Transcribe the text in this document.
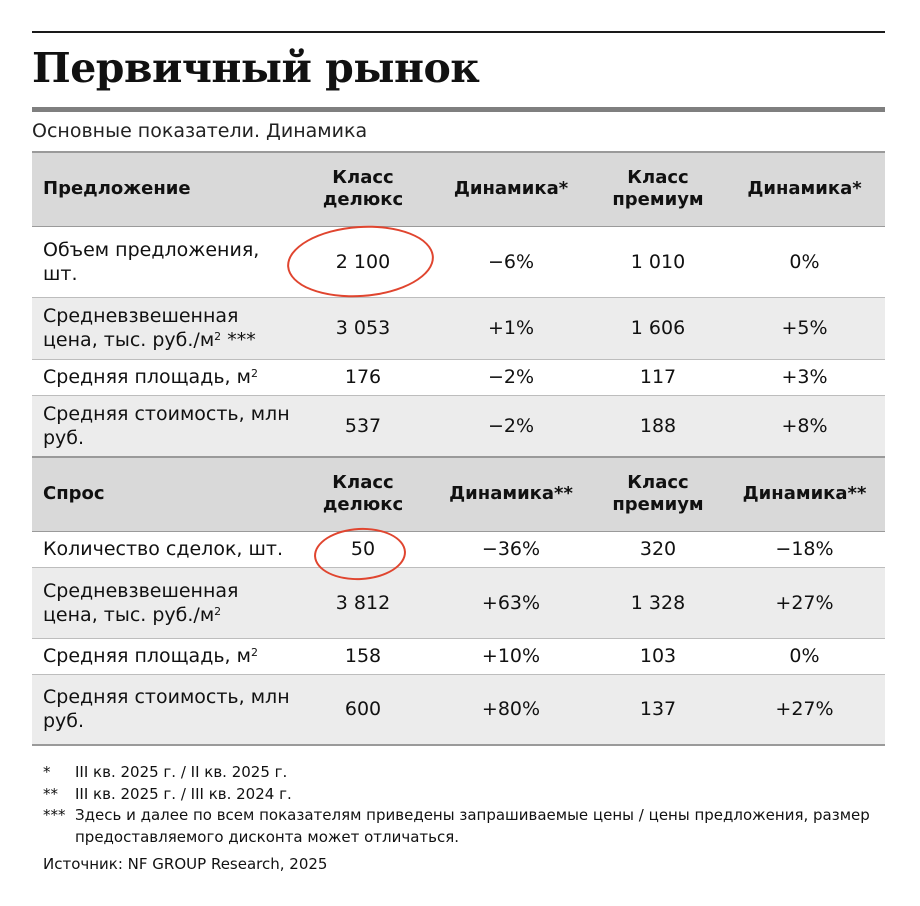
Первичный рынок
Основные показатели. Динамика
Предложение	Класс делюкс	Динамика*	Класс премиум	Динамика*
Объем предложения, шт.	2 100	−6%	1 010	0%
Средневзвешенная цена, тыс. $руб./м^2$ ***	3 053	+1%	1 606	+5%
Средняя площадь, $м^2$	176	−2%	117	+3%
Средняя стоимость, млн руб.	537	−2%	188	+8%
Спрос	Класс делюкс	Динамика**	Класс премиум	Динамика**
Количество сделок, шт.	50	−36%	320	−18%
Средневзвешенная цена, тыс. $руб./м^2$	3 812	+63%	1 328	+27%
Средняя площадь, $м^2$	158	+10%	103	0%
Средняя стоимость, млн руб.	600	+80%	137	+27%
*	III кв. 2025 г. / II кв. 2025 г.
**	III кв. 2025 г. / III кв. 2024 г.
*** Здесь и далее по всем показателям приведены запрашиваемые цены / цены предложения, размер предоставляемого дисконта может отличаться.
Источник: NF GROUP Research, 2025
